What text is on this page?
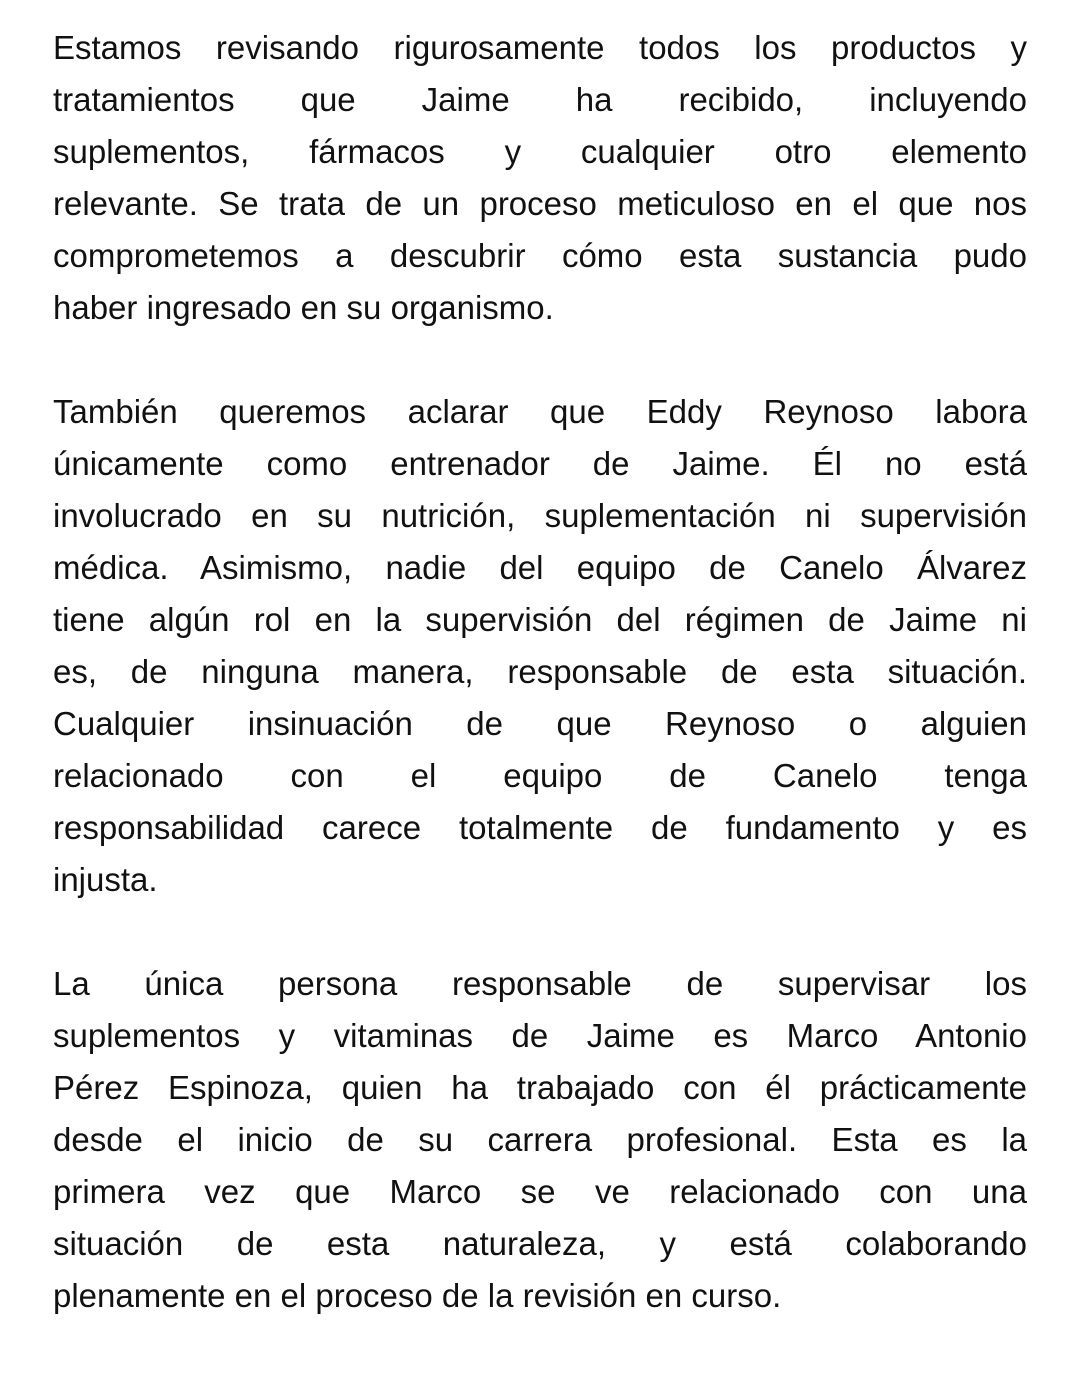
Estamos revisando rigurosamente todos los productos y
tratamientos que Jaime ha recibido, incluyendo
suplementos, fármacos y cualquier otro elemento
relevante. Se trata de un proceso meticuloso en el que nos
comprometemos a descubrir cómo esta sustancia pudo
haber ingresado en su organismo.
También queremos aclarar que Eddy Reynoso labora
únicamente como entrenador de Jaime. Él no está
involucrado en su nutrición, suplementación ni supervisión
médica. Asimismo, nadie del equipo de Canelo Álvarez
tiene algún rol en la supervisión del régimen de Jaime ni
es, de ninguna manera, responsable de esta situación.
Cualquier insinuación de que Reynoso o alguien
relacionado con el equipo de Canelo tenga
responsabilidad carece totalmente de fundamento y es
injusta.
La única persona responsable de supervisar los
suplementos y vitaminas de Jaime es Marco Antonio
Pérez Espinoza, quien ha trabajado con él prácticamente
desde el inicio de su carrera profesional. Esta es la
primera vez que Marco se ve relacionado con una
situación de esta naturaleza, y está colaborando
plenamente en el proceso de la revisión en curso.
